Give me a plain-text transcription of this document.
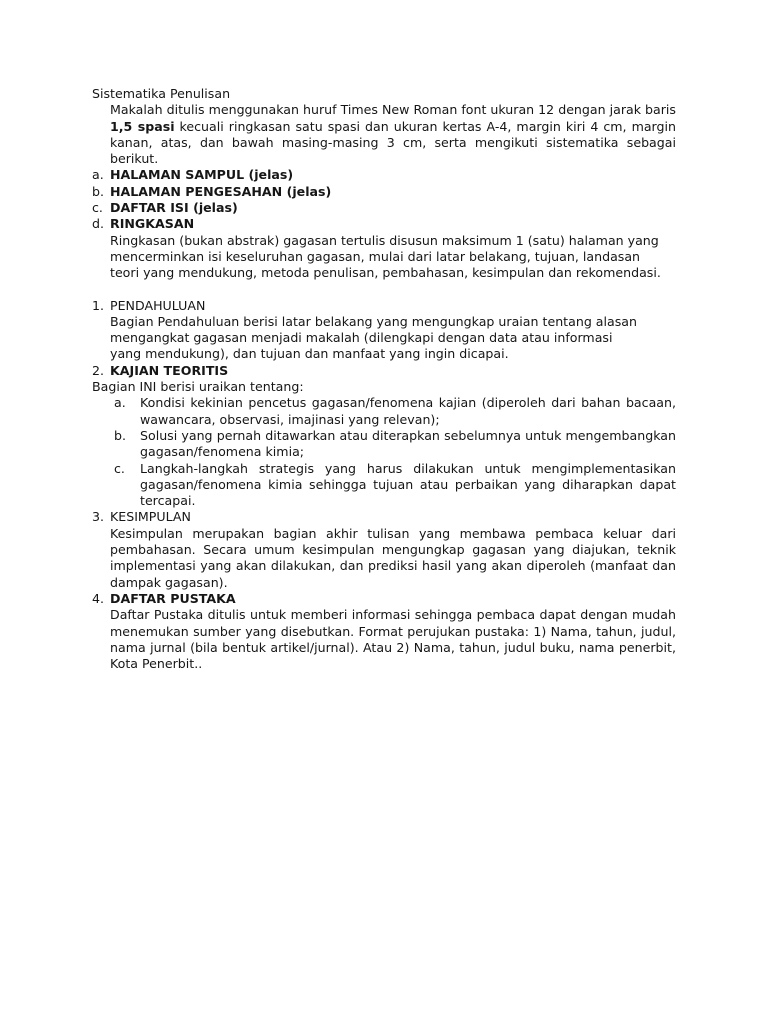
Sistematika Penulisan
Makalah ditulis menggunakan huruf Times New Roman font ukuran 12 dengan jarak baris 1,5 spasi kecuali ringkasan satu spasi dan ukuran kertas A-4, margin kiri 4 cm, margin kanan, atas, dan bawah masing-masing 3 cm, serta mengikuti sistematika sebagai berikut.
a. HALAMAN SAMPUL (jelas)
b. HALAMAN PENGESAHAN (jelas)
c. DAFTAR ISI (jelas)
d. RINGKASAN
Ringkasan (bukan abstrak) gagasan tertulis disusun maksimum 1 (satu) halaman yang
mencerminkan isi keseluruhan gagasan, mulai dari latar belakang, tujuan, landasan
teori yang mendukung, metoda penulisan, pembahasan, kesimpulan dan rekomendasi.
1. PENDAHULUAN
Bagian Pendahuluan berisi latar belakang yang mengungkap uraian tentang alasan
mengangkat gagasan menjadi makalah (dilengkapi dengan data atau informasi
yang mendukung), dan tujuan dan manfaat yang ingin dicapai.
2. KAJIAN TEORITIS
Bagian INI berisi uraikan tentang:
a.	Kondisi kekinian pencetus gagasan/fenomena kajian (diperoleh dari bahan bacaan, wawancara, observasi, imajinasi yang relevan);
b.	Solusi yang pernah ditawarkan atau diterapkan sebelumnya untuk mengembangkan gagasan/fenomena kimia;
c.	Langkah-langkah strategis yang harus dilakukan untuk mengimplementasikan gagasan/fenomena kimia sehingga tujuan atau perbaikan yang diharapkan dapat tercapai.
3. KESIMPULAN
Kesimpulan merupakan bagian akhir tulisan yang membawa pembaca keluar dari pembahasan. Secara umum kesimpulan mengungkap gagasan yang diajukan, teknik implementasi yang akan dilakukan, dan prediksi hasil yang akan diperoleh (manfaat dan dampak gagasan).
4. DAFTAR PUSTAKA
Daftar Pustaka ditulis untuk memberi informasi sehingga pembaca dapat dengan mudah menemukan sumber yang disebutkan. Format perujukan pustaka: 1) Nama, tahun, judul, nama jurnal (bila bentuk artikel/jurnal). Atau 2) Nama, tahun, judul buku, nama penerbit, Kota Penerbit..
